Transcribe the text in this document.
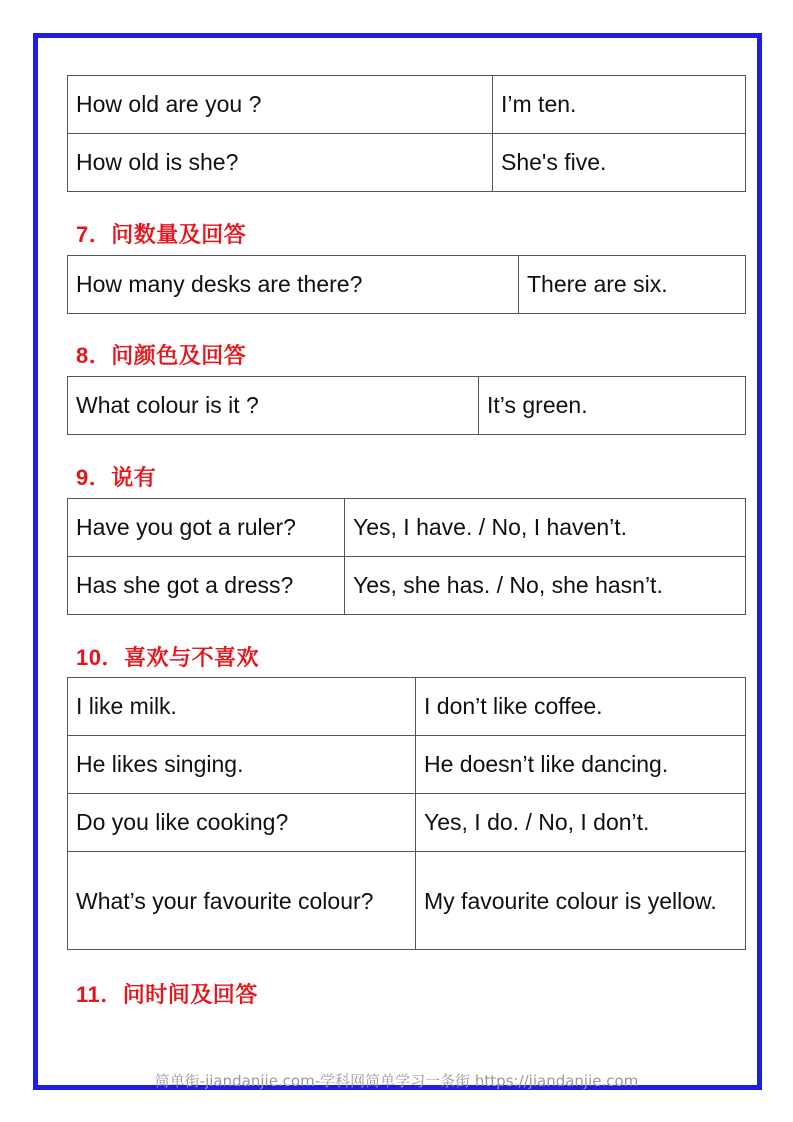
How old are you ?	I’m ten.
How old is she?	She's five.
7．问数量及回答
How many desks are there?	There are six.
8．问颜色及回答
What colour is it ?	It’s green.
9．说有
Have you got a ruler?	Yes, I have. / No, I haven’t.
Has she got a dress?	Yes, she has. / No, she hasn’t.
10．喜欢与不喜欢
I like milk.	I don’t like coffee.
He likes singing.	He doesn’t like dancing.
Do you like cooking?	Yes, I do. / No, I don’t.
What’s your favourite colour?	My favourite colour is yellow.
11．问时间及回答
简单街-jiandanjie.com-学科网简单学习一条街 https://jiandanjie.com
